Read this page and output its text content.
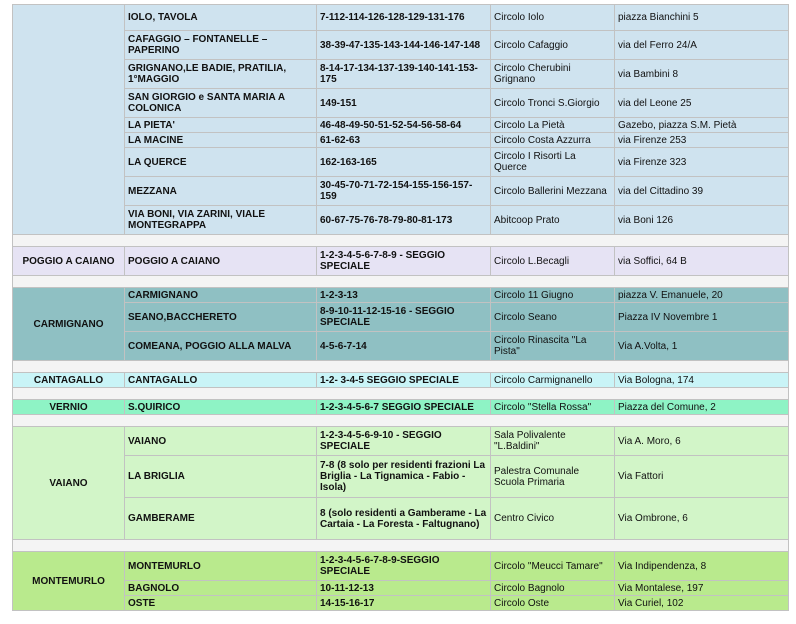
	IOLO, TAVOLA	7-112-114-126-128-129-131-176	Circolo Iolo	piazza Bianchini 5
	CAFAGGIO – FONTANELLE – PAPERINO	38-39-47-135-143-144-146-147-148	Circolo Cafaggio	via del Ferro 24/A
	GRIGNANO,LE BADIE, PRATILIA, 1°MAGGIO	8-14-17-134-137-139-140-141-153-175	Circolo Cherubini Grignano	via Bambini 8
	SAN GIORGIO e SANTA MARIA A COLONICA	149-151	Circolo Tronci S.Giorgio	via del Leone 25
	LA PIETA'	46-48-49-50-51-52-54-56-58-64	Circolo La Pietà	Gazebo, piazza S.M. Pietà
	LA MACINE	61-62-63	Circolo Costa Azzurra	via Firenze 253
	LA QUERCE	162-163-165	Circolo I Risorti La Querce	via Firenze 323
	MEZZANA	30-45-70-71-72-154-155-156-157-159	Circolo Ballerini Mezzana	via del Cittadino 39
	VIA BONI, VIA ZARINI, VIALE MONTEGRAPPA	60-67-75-76-78-79-80-81-173	Abitcoop Prato	via Boni 126

POGGIO A CAIANO	POGGIO A CAIANO	1-2-3-4-5-6-7-8-9 - SEGGIO SPECIALE	Circolo L.Becagli	via Soffici, 64 B

CARMIGNANO	CARMIGNANO	1-2-3-13	Circolo 11 Giugno	piazza V. Emanuele, 20
	SEANO,BACCHERETO	8-9-10-11-12-15-16 - SEGGIO SPECIALE	Circolo Seano	Piazza IV Novembre 1
	COMEANA, POGGIO ALLA MALVA	4-5-6-7-14	Circolo Rinascita "La Pista"	Via A.Volta, 1

CANTAGALLO	CANTAGALLO	1-2- 3-4-5 SEGGIO SPECIALE	Circolo Carmignanello	Via Bologna, 174

VERNIO	S.QUIRICO	1-2-3-4-5-6-7 SEGGIO SPECIALE	Circolo "Stella Rossa"	Piazza del Comune, 2

VAIANO	VAIANO	1-2-3-4-5-6-9-10 - SEGGIO SPECIALE	Sala Polivalente "L.Baldini"	Via A. Moro, 6
	LA BRIGLIA	7-8 (8 solo per residenti frazioni La Briglia - La Tignamica - Fabio - Isola)	Palestra Comunale Scuola Primaria	Via Fattori
	GAMBERAME	8 (solo residenti a Gamberame - La Cartaia - La Foresta - Faltugnano)	Centro Civico	Via Ombrone, 6

MONTEMURLO	MONTEMURLO	1-2-3-4-5-6-7-8-9-SEGGIO SPECIALE	Circolo "Meucci Tamare"	Via Indipendenza, 8
	BAGNOLO	10-11-12-13	Circolo Bagnolo	Via Montalese, 197
	OSTE	14-15-16-17	Circolo Oste	Via Curiel, 102
